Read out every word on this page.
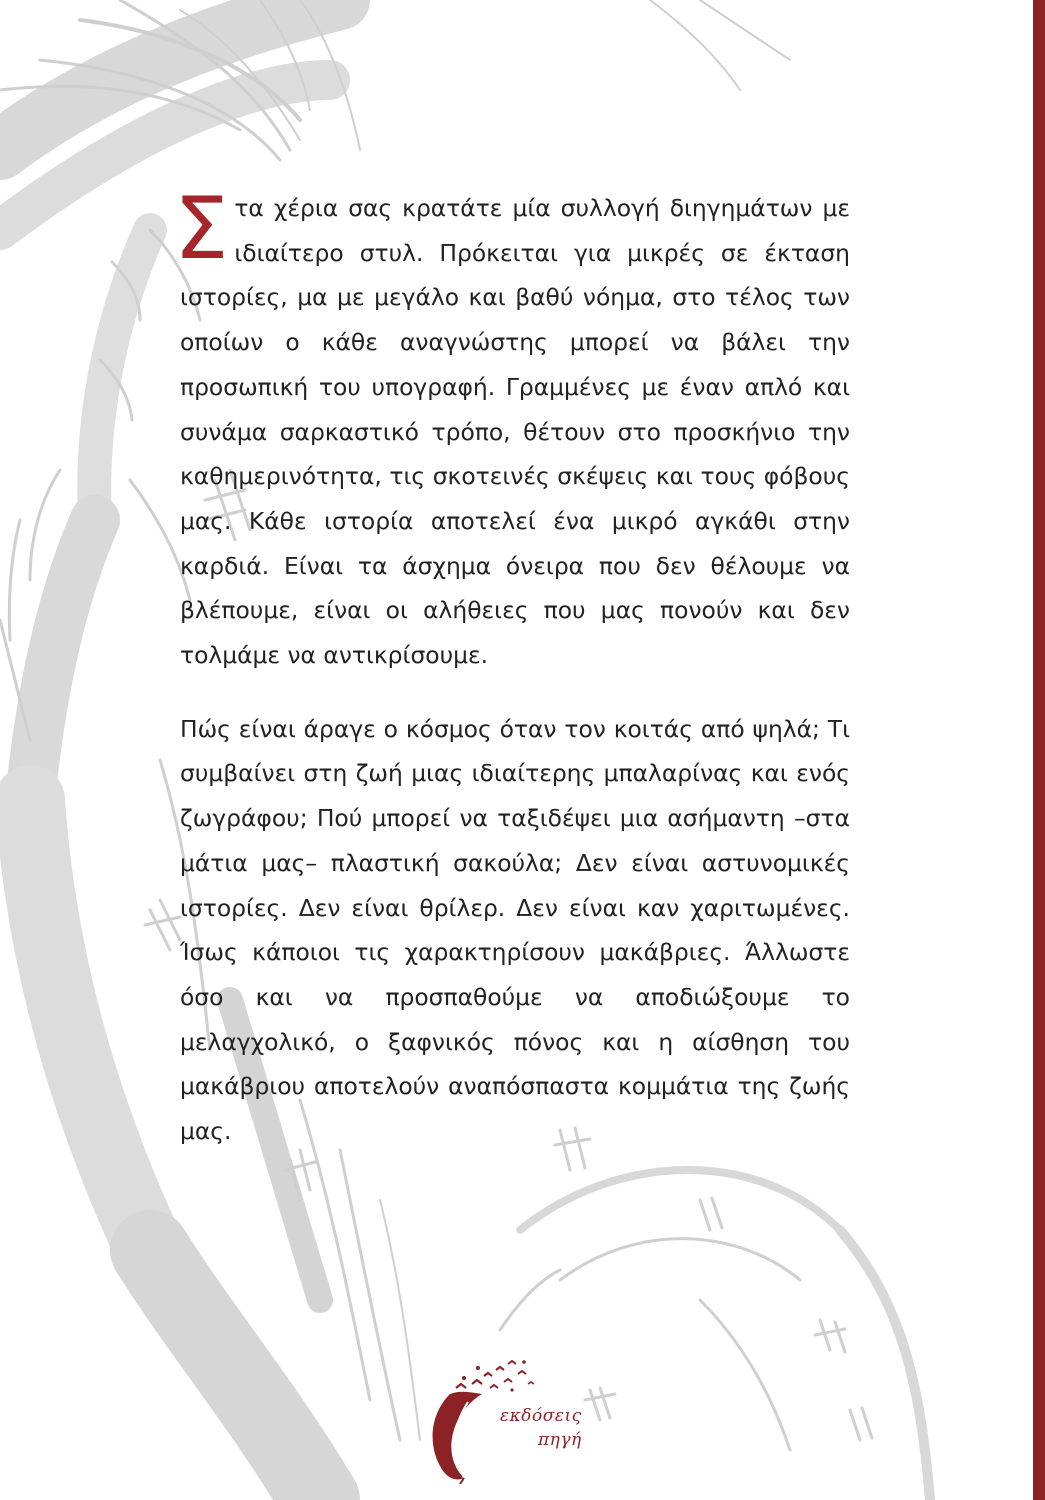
Στα χέρια σας κρατάτε μία συλλογή διηγημάτων με ιδιαίτερο στυλ. Πρόκειται για μικρές σε έκταση ιστορίες, μα με μεγάλο και βαθύ νόημα, στο τέλος των οποίων ο κάθε αναγνώστης μπορεί να βάλει την προσωπική του υπογραφή. Γραμμένες με έναν απλό και συνάμα σαρκαστικό τρόπο, θέτουν στο προσκήνιο την καθημερινότητα, τις σκοτεινές σκέψεις και τους φόβους μας. Κάθε ιστορία αποτελεί ένα μικρό αγκάθι στην καρδιά. Είναι τα άσχημα όνειρα που δεν θέλουμε να βλέπουμε, είναι οι αλήθειες που μας πονούν και δεν τολμάμε να αντικρίσουμε.

Πώς είναι άραγε ο κόσμος όταν τον κοιτάς από ψηλά; Τι συμβαίνει στη ζωή μιας ιδιαίτερης μπαλαρίνας και ενός ζωγράφου; Πού μπορεί να ταξιδέψει μια ασήμαντη –στα μάτια μας– πλαστική σακούλα; Δεν είναι αστυνομικές ιστορίες. Δεν είναι θρίλερ. Δεν είναι καν χαριτωμένες. Ίσως κάποιοι τις χαρακτηρίσουν μακάβριες. Άλλωστε όσο και να προσπαθούμε να αποδιώξουμε το μελαγχολικό, ο ξαφνικός πόνος και η αίσθηση του μακάβριου αποτελούν αναπόσπαστα κομμάτια της ζωής μας.

εκδόσεις
πηγή
